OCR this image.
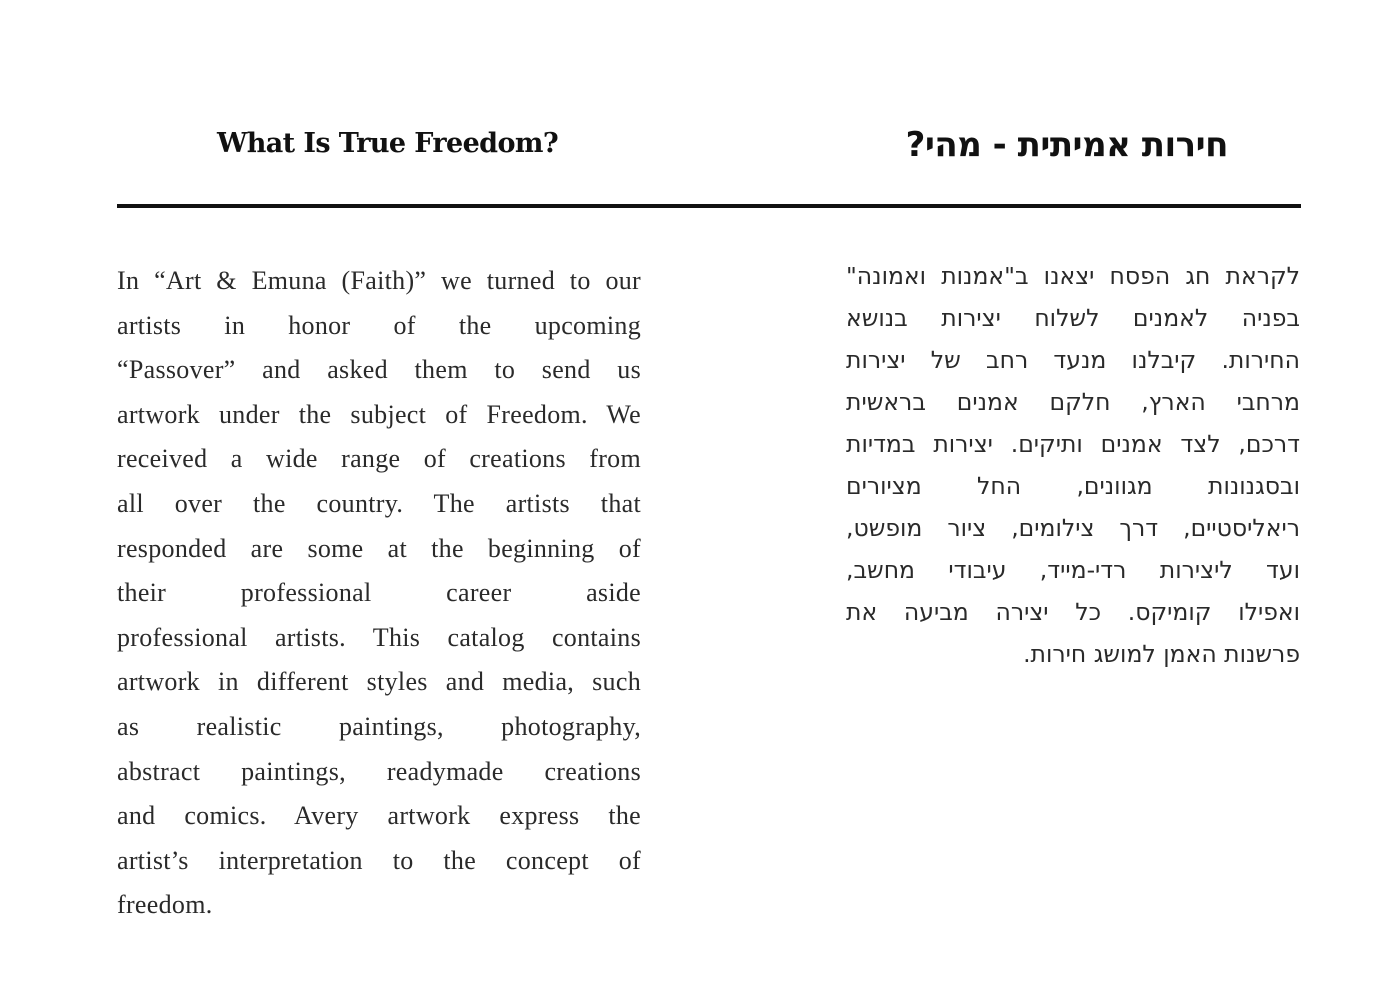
What Is True Freedom?	חירות אמיתית - מהי?
In “Art & Emuna (Faith)” we turned to our
artists in honor of the upcoming
“Passover” and asked them to send us
artwork under the subject of Freedom. We
received a wide range of creations from
all over the country. The artists that
responded are some at the beginning of
their professional career aside
professional artists. This catalog contains
artwork in different styles and media, such
as realistic paintings, photography,
abstract paintings, readymade creations
and comics. Avery artwork express the
artist’s interpretation to the concept of
freedom.
לקראת חג הפסח יצאנו ב"אמנות ואמונה"
בפניה לאמנים לשלוח יצירות בנושא
החירות. קיבלנו מנעד רחב של יצירות
מרחבי הארץ, חלקם אמנים בראשית
דרכם, לצד אמנים ותיקים. יצירות במדיות
ובסגנונות מגוונים, החל מציורים
ריאליסטיים, דרך צילומים, ציור מופשט,
ועד ליצירות רדי-מייד, עיבודי מחשב,
ואפילו קומיקס. כל יצירה מביעה את
פרשנות האמן למושג חירות.
